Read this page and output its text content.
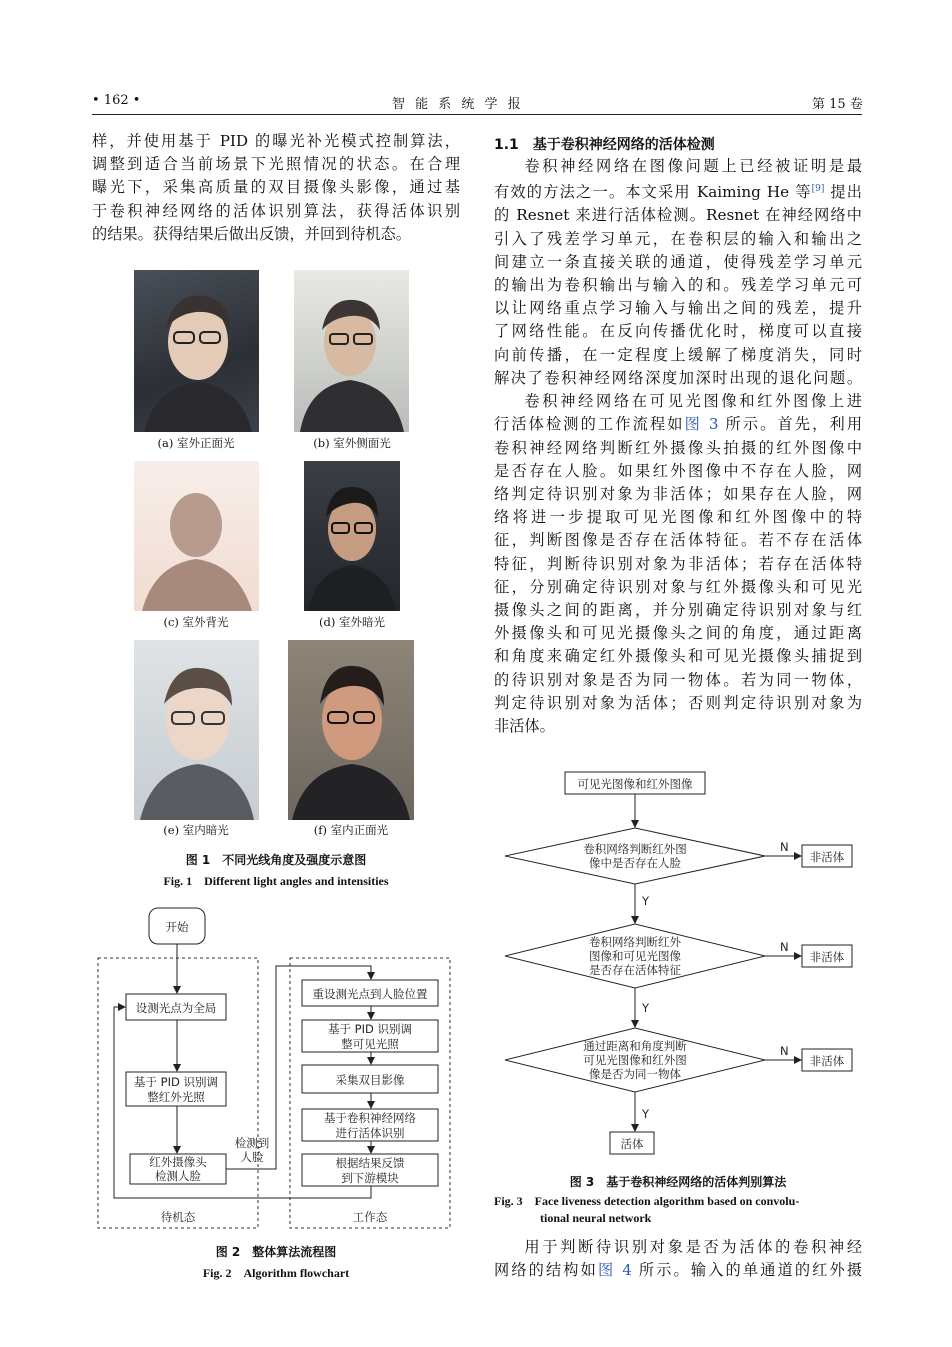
• 162 •	智 能 系 统 学 报	第 15 卷

样，并使用基于 PID 的曝光补光模式控制算法，

调整到适合当前场景下光照情况的状态。在合理

曝光下，采集高质量的双目摄像头影像，通过基

于卷积神经网络的活体识别算法，获得活体识别

的结果。获得结果后做出反馈，并回到待机态。

(a) 室外正面光	(b) 室外侧面光
(c) 室外背光	(d) 室外暗光
(e) 室内暗光	(f) 室内正面光
图 1　不同光线角度及强度示意图
Fig. 1　Different light angles and intensities
开始
设测光点为全局
基于 PID 识别调
整红外光照
红外摄像头
检测人脸
检测到
人脸
重设测光点到人脸位置
基于 PID 识别调
整可见光照
采集双目影像
基于卷积神经网络
进行活体识别
根据结果反馈
到下游模块
待机态	工作态
图 2　整体算法流程图
Fig. 2　Algorithm flowchart
1.1　基于卷积神经网络的活体检测

卷积神经网络在图像问题上已经被证明是最

有效的方法之一。本文采用 Kaiming He 等[9] 提出

的 Resnet 来进行活体检测。Resnet 在神经网络中

引入了残差学习单元，在卷积层的输入和输出之

间建立一条直接关联的通道，使得残差学习单元

的输出为卷积输出与输入的和。残差学习单元可

以让网络重点学习输入与输出之间的残差，提升

了网络性能。在反向传播优化时，梯度可以直接

向前传播，在一定程度上缓解了梯度消失，同时

解决了卷积神经网络深度加深时出现的退化问题。

卷积神经网络在可见光图像和红外图像上进

行活体检测的工作流程如图 3 所示。首先，利用

卷积神经网络判断红外摄像头拍摄的红外图像中

是否存在人脸。如果红外图像中不存在人脸，网

络判定待识别对象为非活体；如果存在人脸，网

络将进一步提取可见光图像和红外图像中的特

征，判断图像是否存在活体特征。若不存在活体

特征，判断待识别对象为非活体；若存在活体特

征，分别确定待识别对象与红外摄像头和可见光

摄像头之间的距离，并分别确定待识别对象与红

外摄像头和可见光摄像头之间的角度，通过距离

和角度来确定红外摄像头和可见光摄像头捕捉到

的待识别对象是否为同一物体。若为同一物体，

判定待识别对象为活体；否则判定待识别对象为

非活体。

可见光图像和红外图像
卷积网络判断红外图
像中是否存在人脸
N
非活体
Y
卷积网络判断红外
图像和可见光图像
是否存在活体特征
N
非活体
Y
通过距离和角度判断
可见光图像和红外图
像是否为同一物体
N
非活体
Y
活体
图 3　基于卷积神经网络的活体判别算法
Fig. 3　Face liveness detection algorithm based on convolu-
tional neural network

用于判断待识别对象是否为活体的卷积神经

网络的结构如图 4 所示。输入的单通道的红外摄
